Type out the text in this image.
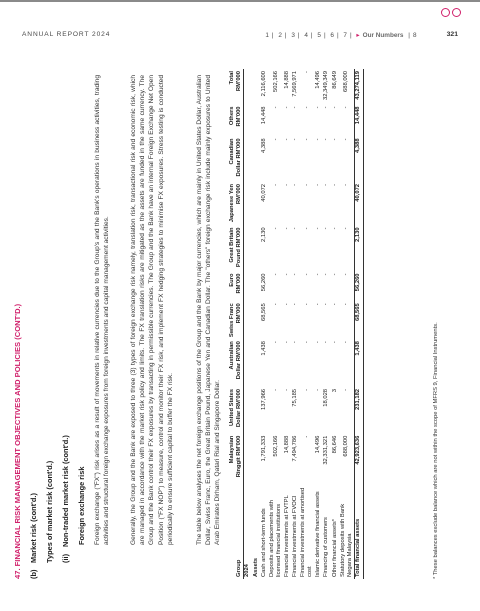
ANNUAL REPORT 2024	1 | 2 | 3 | 4 | 5 | 6 | 7 | ▸ Our Numbers | 8	321
47. FINANCIAL RISK MANAGEMENT OBJECTIVES AND POLICIES (CONT'D.) (b)Market risk (cont'd.) Types of market risk (cont'd.) (ii)Non-traded market risk (cont'd.) Foreign exchange risk Foreign exchange ("FX") risk arises as a result of movements in relative currencies due to the Group's and the Bank's operations in business activities, trading activities and structural foreign exchange exposures from foreign investments and capital management activities.	Generally, the Group and the Bank are exposed to three (3) types of foreign exchange risk namely, translation risk, transactional risk and economic risk, which are managed in accordance with the market risk policy and limits. The FX translation risks are mitigated as the assets are funded in the same currency. The Group and the Bank control their FX exposures by transacting in permissible currencies. The Group and the Bank have an internal Foreign Exchange Net Open Position ("FX NOP") to measure, control and monitor their FX risk, and implement FX hedging strategies to minimise FX exposures. Stress testing is conducted periodically to ensure sufficient capital to buffer the FX risk.	The table below analyses the net foreign exchange positions of the Group and the Bank by major currencies, which are mainly in United States Dollar, Australian Dollar, Swiss Franc, Euro, the Great Britain Pound, Japanese Yen and Canadian Dollar. The "others" foreign exchange risk include mainly exposures to United Arab Emirates Dirham, Qatari Rial and Singapore Dollar.
Group	Malaysian Ringgit RM'000	United States Dollar RM'000	Australian Dollar RM'000	Swiss Franc RM'000	Euro RM'000	Great Britain Pound RM'000	Japanese Yen RM'000	Canadian Dollar RM'000	Others RM'000	Total RM'000
2024										
Assets										
Cash and short-term funds	1,791,333	137,966	1,438	68,565	56,260	2,130	40,072	4,388	14,448	2,116,600
Deposits and placements with licensed financial institutions	502,166	-	-	-	-	-	-	-	-	502,166
Financial investments at FVTPL	14,888	-	-	-	-	-	-	-	-	14,888
Financial investments at FVOCI	7,494,786	75,185	-	-	-	-	-	-	-	7,569,971
Financial investments at amortised cost	-	-	-	-	-	-	-	-	-	-
Islamic derivative financial assets	14,496	-	-	-	-	-	-	-	-	14,496
Financing of customers	32,331,321	18,028	-	-	-	-	-	-	-	32,349,349
Other financial assets*	86,646	3	-	-	-	-	-	-	-	86,649
Statutory deposits with Bank Negara Malaysia	688,000	-	-	-	-	-	-	-	-	688,000
Total financial assets	42,923,636	231,182	1,438	68,565	56,260	2,130	40,072	4,388	14,448	43,274,119
* These balances exclude balance which are not within the scope of MFRS 9, Financial Instruments.
